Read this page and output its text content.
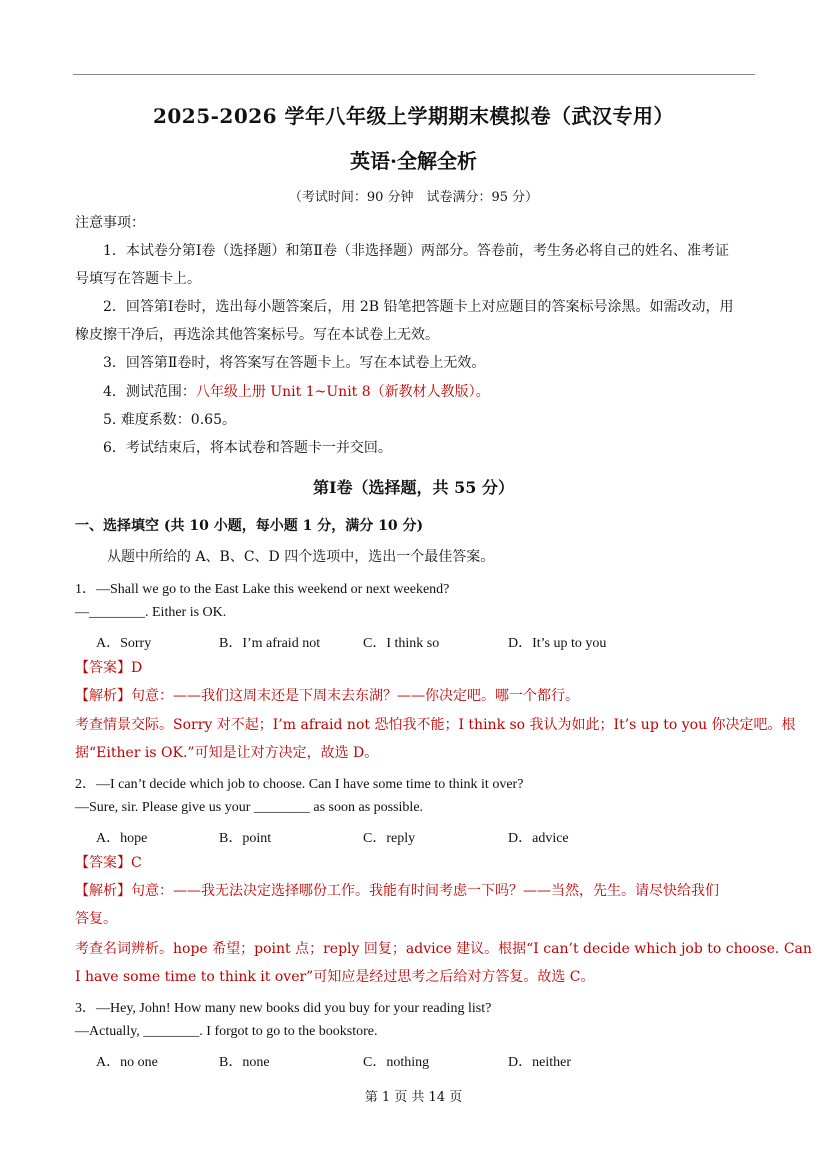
2025-2026 学年八年级上学期期末模拟卷（武汉专用）
英语·全解全析
（考试时间：90 分钟　试卷满分：95 分）
注意事项：
1．本试卷分第Ⅰ卷（选择题）和第Ⅱ卷（非选择题）两部分。答卷前，考生务必将自己的姓名、准考证
号填写在答题卡上。
2．回答第Ⅰ卷时，选出每小题答案后，用 2B 铅笔把答题卡上对应题目的答案标号涂黑。如需改动，用
橡皮擦干净后，再选涂其他答案标号。写在本试卷上无效。
3．回答第Ⅱ卷时，将答案写在答题卡上。写在本试卷上无效。
4．测试范围：八年级上册 Unit 1~Unit 8（新教材人教版）。
5. 难度系数：0.65。
6．考试结束后，将本试卷和答题卡一并交回。
第Ⅰ卷（选择题，共 55 分）
一、选择填空 (共 10 小题，每小题 1 分，满分 10 分)
从题中所给的 A、B、C、D 四个选项中，选出一个最佳答案。
1．—Shall we go to the East Lake this weekend or next weekend?
—________. Either is OK.
A．Sorry	B．I’m afraid not	C．I think so	D．It’s up to you
【答案】D
【解析】句意：——我们这周末还是下周末去东湖？——你决定吧。哪一个都行。
考查情景交际。Sorry 对不起；I’m afraid not 恐怕我不能；I think so 我认为如此；It’s up to you 你决定吧。根
据“Either is OK.”可知是让对方决定，故选 D。
2．—I can’t decide which job to choose. Can I have some time to think it over?
—Sure, sir. Please give us your ________ as soon as possible.
A．hope	B．point	C．reply	D．advice
【答案】C
【解析】句意：——我无法决定选择哪份工作。我能有时间考虑一下吗？——当然，先生。请尽快给我们
答复。
考查名词辨析。hope 希望；point 点；reply 回复；advice 建议。根据“I can’t decide which job to choose. Can
I have some time to think it over”可知应是经过思考之后给对方答复。故选 C。
3．—Hey, John! How many new books did you buy for your reading list?
—Actually, ________. I forgot to go to the bookstore.
A．no one	B．none	C．nothing	D．neither
第 1 页 共 14 页
